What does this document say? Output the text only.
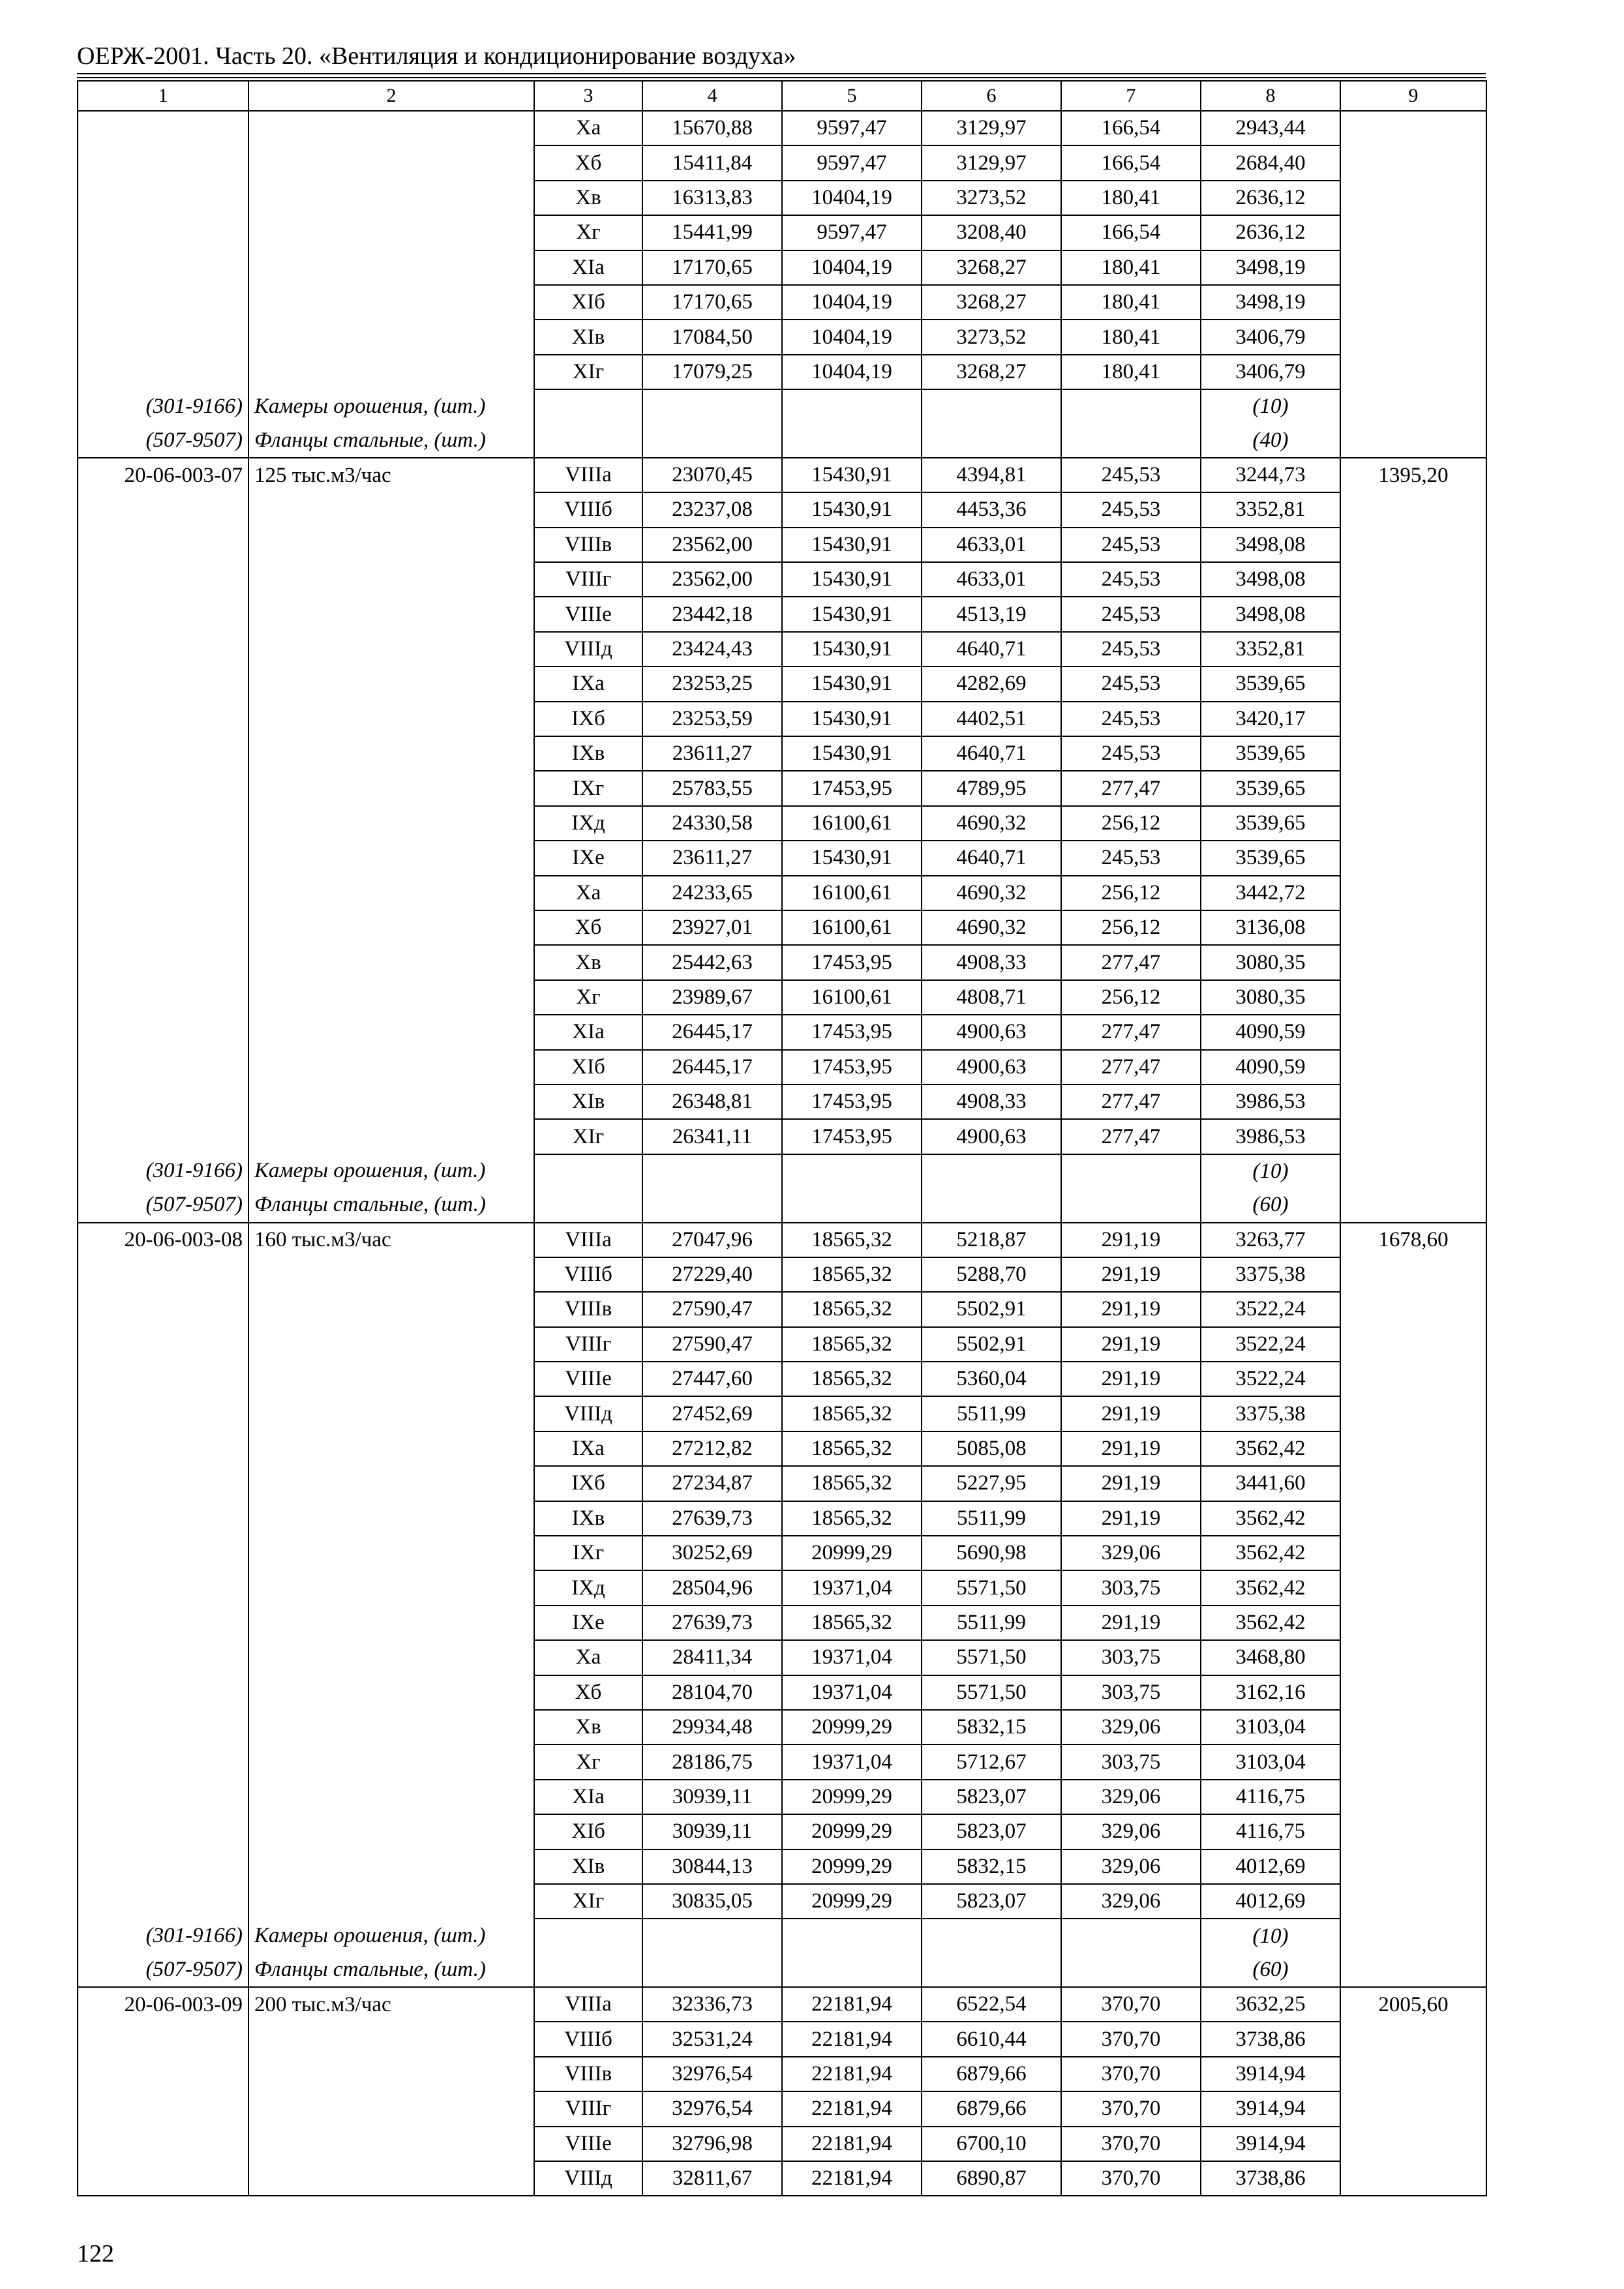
ОЕРЖ-2001. Часть 20. «Вентиляция и кондиционирование воздуха»
1	2	3	4	5	6	7	8	9
		Xa	15670,88	9597,47	3129,97	166,54	2943,44	
		Xб	15411,84	9597,47	3129,97	166,54	2684,40	
		Xв	16313,83	10404,19	3273,52	180,41	2636,12	
		Xг	15441,99	9597,47	3208,40	166,54	2636,12	
		XIa	17170,65	10404,19	3268,27	180,41	3498,19	
		XIб	17170,65	10404,19	3268,27	180,41	3498,19	
		XIв	17084,50	10404,19	3273,52	180,41	3406,79	
		XIг	17079,25	10404,19	3268,27	180,41	3406,79	
(301-9166)	Камеры орошения, (шт.)						(10)	
(507-9507)	Фланцы стальные, (шт.)						(40)	
20-06-003-07	125 тыс.м3/час	VIIIa	23070,45	15430,91	4394,81	245,53	3244,73	1395,20
		VIIIб	23237,08	15430,91	4453,36	245,53	3352,81	
		VIIIв	23562,00	15430,91	4633,01	245,53	3498,08	
		VIIIг	23562,00	15430,91	4633,01	245,53	3498,08	
		VIIIe	23442,18	15430,91	4513,19	245,53	3498,08	
		VIIIд	23424,43	15430,91	4640,71	245,53	3352,81	
		IXa	23253,25	15430,91	4282,69	245,53	3539,65	
		IXб	23253,59	15430,91	4402,51	245,53	3420,17	
		IXв	23611,27	15430,91	4640,71	245,53	3539,65	
		IXг	25783,55	17453,95	4789,95	277,47	3539,65	
		IXд	24330,58	16100,61	4690,32	256,12	3539,65	
		IXe	23611,27	15430,91	4640,71	245,53	3539,65	
		Xa	24233,65	16100,61	4690,32	256,12	3442,72	
		Xб	23927,01	16100,61	4690,32	256,12	3136,08	
		Xв	25442,63	17453,95	4908,33	277,47	3080,35	
		Xг	23989,67	16100,61	4808,71	256,12	3080,35	
		XIa	26445,17	17453,95	4900,63	277,47	4090,59	
		XIб	26445,17	17453,95	4900,63	277,47	4090,59	
		XIв	26348,81	17453,95	4908,33	277,47	3986,53	
		XIг	26341,11	17453,95	4900,63	277,47	3986,53	
(301-9166)	Камеры орошения, (шт.)						(10)	
(507-9507)	Фланцы стальные, (шт.)						(60)	
20-06-003-08	160 тыс.м3/час	VIIIa	27047,96	18565,32	5218,87	291,19	3263,77	1678,60
		VIIIб	27229,40	18565,32	5288,70	291,19	3375,38	
		VIIIв	27590,47	18565,32	5502,91	291,19	3522,24	
		VIIIг	27590,47	18565,32	5502,91	291,19	3522,24	
		VIIIe	27447,60	18565,32	5360,04	291,19	3522,24	
		VIIIд	27452,69	18565,32	5511,99	291,19	3375,38	
		IXa	27212,82	18565,32	5085,08	291,19	3562,42	
		IXб	27234,87	18565,32	5227,95	291,19	3441,60	
		IXв	27639,73	18565,32	5511,99	291,19	3562,42	
		IXг	30252,69	20999,29	5690,98	329,06	3562,42	
		IXд	28504,96	19371,04	5571,50	303,75	3562,42	
		IXe	27639,73	18565,32	5511,99	291,19	3562,42	
		Xa	28411,34	19371,04	5571,50	303,75	3468,80	
		Xб	28104,70	19371,04	5571,50	303,75	3162,16	
		Xв	29934,48	20999,29	5832,15	329,06	3103,04	
		Xг	28186,75	19371,04	5712,67	303,75	3103,04	
		XIa	30939,11	20999,29	5823,07	329,06	4116,75	
		XIб	30939,11	20999,29	5823,07	329,06	4116,75	
		XIв	30844,13	20999,29	5832,15	329,06	4012,69	
		XIг	30835,05	20999,29	5823,07	329,06	4012,69	
(301-9166)	Камеры орошения, (шт.)						(10)	
(507-9507)	Фланцы стальные, (шт.)						(60)	
20-06-003-09	200 тыс.м3/час	VIIIa	32336,73	22181,94	6522,54	370,70	3632,25	2005,60
		VIIIб	32531,24	22181,94	6610,44	370,70	3738,86	
		VIIIв	32976,54	22181,94	6879,66	370,70	3914,94	
		VIIIг	32976,54	22181,94	6879,66	370,70	3914,94	
		VIIIe	32796,98	22181,94	6700,10	370,70	3914,94	
		VIIIд	32811,67	22181,94	6890,87	370,70	3738,86	
122
